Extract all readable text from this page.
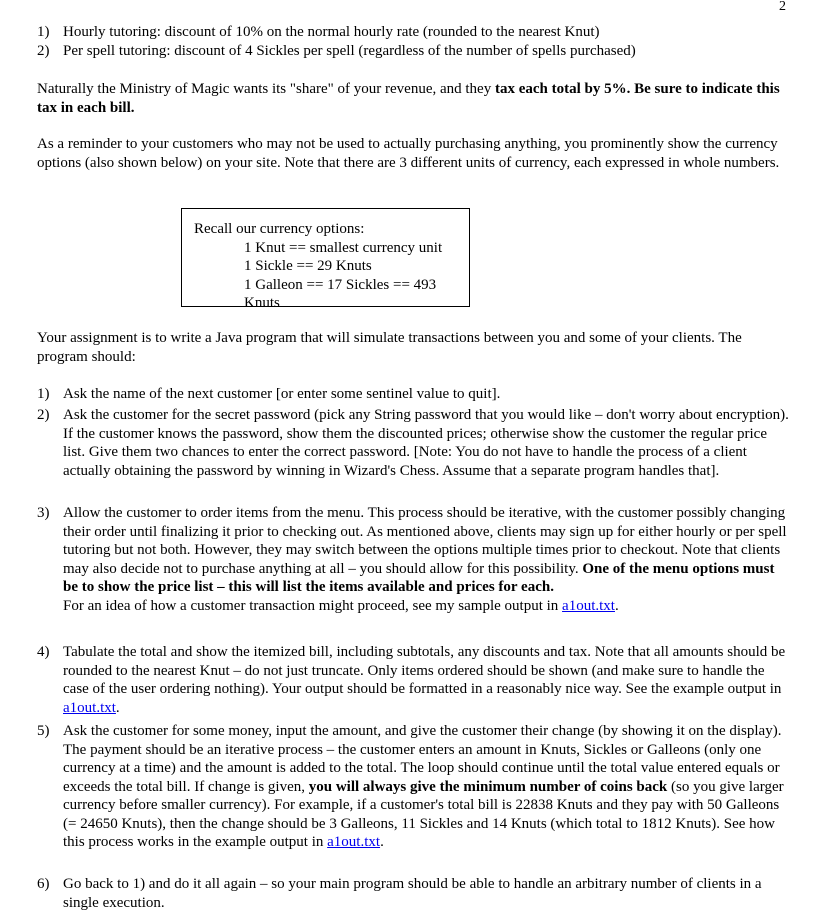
2
1) Hourly tutoring: discount of 10% on the normal hourly rate (rounded to the nearest Knut)
2) Per spell tutoring: discount of 4 Sickles per spell (regardless of the number of spells purchased)

Naturally the Ministry of Magic wants its "share" of your revenue, and they tax each total by 5%. Be sure to indicate this tax in each bill.

As a reminder to your customers who may not be used to actually purchasing anything, you prominently show the currency options (also shown below) on your site. Note that there are 3 different units of currency, each expressed in whole numbers.

Recall our currency options:
1 Knut == smallest currency unit
1 Sickle == 29 Knuts
1 Galleon == 17 Sickles == 493 Knuts

Your assignment is to write a Java program that will simulate transactions between you and some of your clients. The program should:

1) Ask the name of the next customer [or enter some sentinel value to quit].
2) Ask the customer for the secret password (pick any String password that you would like – don't worry about encryption). If the customer knows the password, show them the discounted prices; otherwise show the customer the regular price list. Give them two chances to enter the correct password. [Note: You do not have to handle the process of a client actually obtaining the password by winning in Wizard's Chess. Assume that a separate program handles that].
3) Allow the customer to order items from the menu. This process should be iterative, with the customer possibly changing their order until finalizing it prior to checking out. As mentioned above, clients may sign up for either hourly or per spell tutoring but not both. However, they may switch between the options multiple times prior to checkout. Note that clients may also decide not to purchase anything at all – you should allow for this possibility. One of the menu options must be to show the price list – this will list the items available and prices for each.
For an idea of how a customer transaction might proceed, see my sample output in a1out.txt.
4) Tabulate the total and show the itemized bill, including subtotals, any discounts and tax. Note that all amounts should be rounded to the nearest Knut – do not just truncate. Only items ordered should be shown (and make sure to handle the case of the user ordering nothing). Your output should be formatted in a reasonably nice way. See the example output in a1out.txt.
5) Ask the customer for some money, input the amount, and give the customer their change (by showing it on the display). The payment should be an iterative process – the customer enters an amount in Knuts, Sickles or Galleons (only one currency at a time) and the amount is added to the total. The loop should continue until the total value entered equals or exceeds the total bill. If change is given, you will always give the minimum number of coins back (so you give larger currency before smaller currency). For example, if a customer's total bill is 22838 Knuts and they pay with 50 Galleons (= 24650 Knuts), then the change should be 3 Galleons, 11 Sickles and 14 Knuts (which total to 1812 Knuts). See how this process works in the example output in a1out.txt.
6) Go back to 1) and do it all again – so your main program should be able to handle an arbitrary number of clients in a single execution.
